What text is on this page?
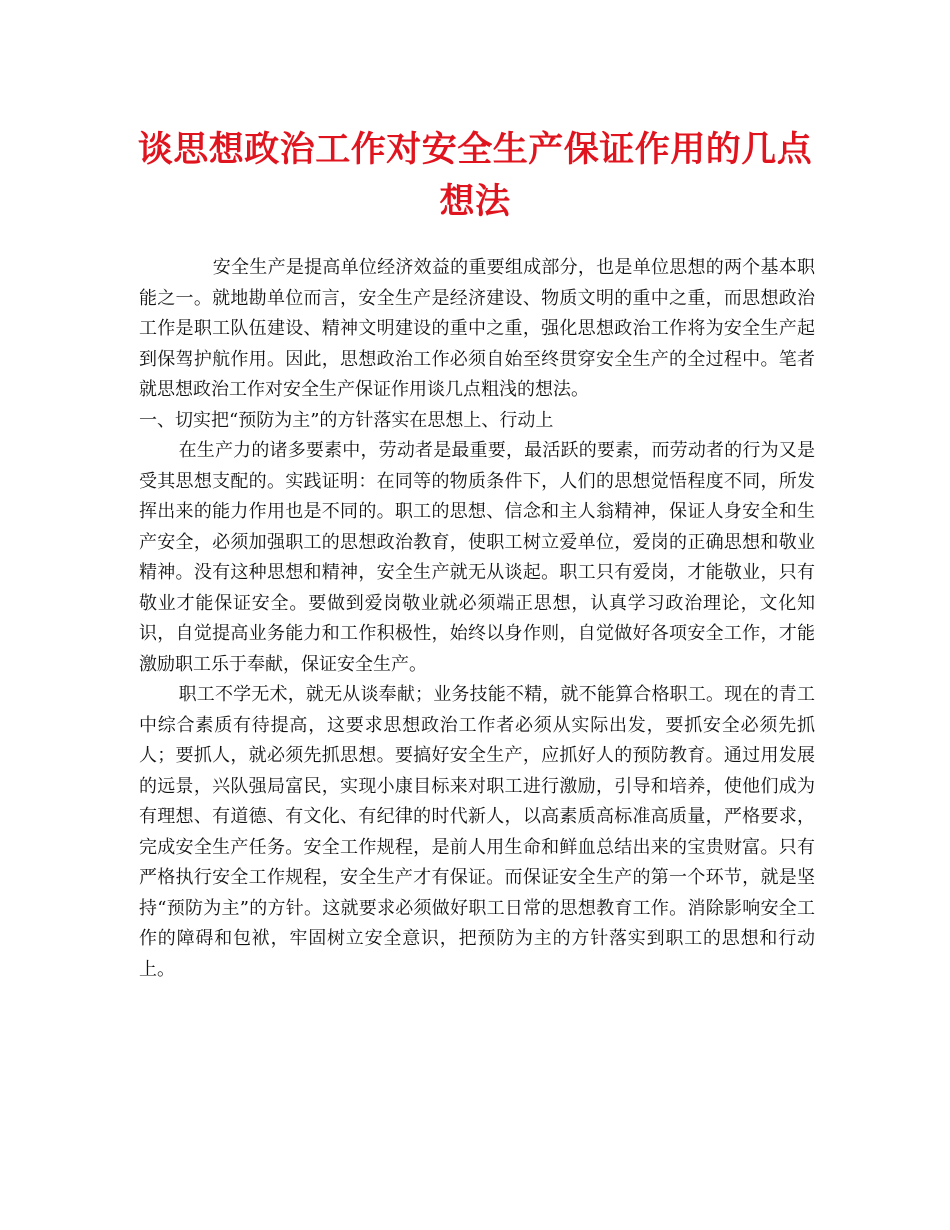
谈思想政治工作对安全生产保证作用的几点
想法

安全生产是提高单位经济效益的重要组成部分，也是单位思想的两个基本职能之一。就地勘单位而言，安全生产是经济建设、物质文明的重中之重，而思想政治工作是职工队伍建设、精神文明建设的重中之重，强化思想政治工作将为安全生产起到保驾护航作用。因此，思想政治工作必须自始至终贯穿安全生产的全过程中。笔者就思想政治工作对安全生产保证作用谈几点粗浅的想法。

一、切实把“预防为主”的方针落实在思想上、行动上

在生产力的诸多要素中，劳动者是最重要，最活跃的要素，而劳动者的行为又是受其思想支配的。实践证明：在同等的物质条件下，人们的思想觉悟程度不同，所发挥出来的能力作用也是不同的。职工的思想、信念和主人翁精神，保证人身安全和生产安全，必须加强职工的思想政治教育，使职工树立爱单位，爱岗的正确思想和敬业精神。没有这种思想和精神，安全生产就无从谈起。职工只有爱岗，才能敬业，只有敬业才能保证安全。要做到爱岗敬业就必须端正思想，认真学习政治理论，文化知识，自觉提高业务能力和工作积极性，始终以身作则，自觉做好各项安全工作，才能激励职工乐于奉献，保证安全生产。

职工不学无术，就无从谈奉献；业务技能不精，就不能算合格职工。现在的青工中综合素质有待提高，这要求思想政治工作者必须从实际出发，要抓安全必须先抓人；要抓人，就必须先抓思想。要搞好安全生产，应抓好人的预防教育。通过用发展的远景，兴队强局富民，实现小康目标来对职工进行激励，引导和培养，使他们成为有理想、有道德、有文化、有纪律的时代新人，以高素质高标准高质量，严格要求，完成安全生产任务。安全工作规程，是前人用生命和鲜血总结出来的宝贵财富。只有严格执行安全工作规程，安全生产才有保证。而保证安全生产的第一个环节，就是坚持“预防为主”的方针。这就要求必须做好职工日常的思想教育工作。消除影响安全工作的障碍和包袱，牢固树立安全意识，把预防为主的方针落实到职工的思想和行动上。
